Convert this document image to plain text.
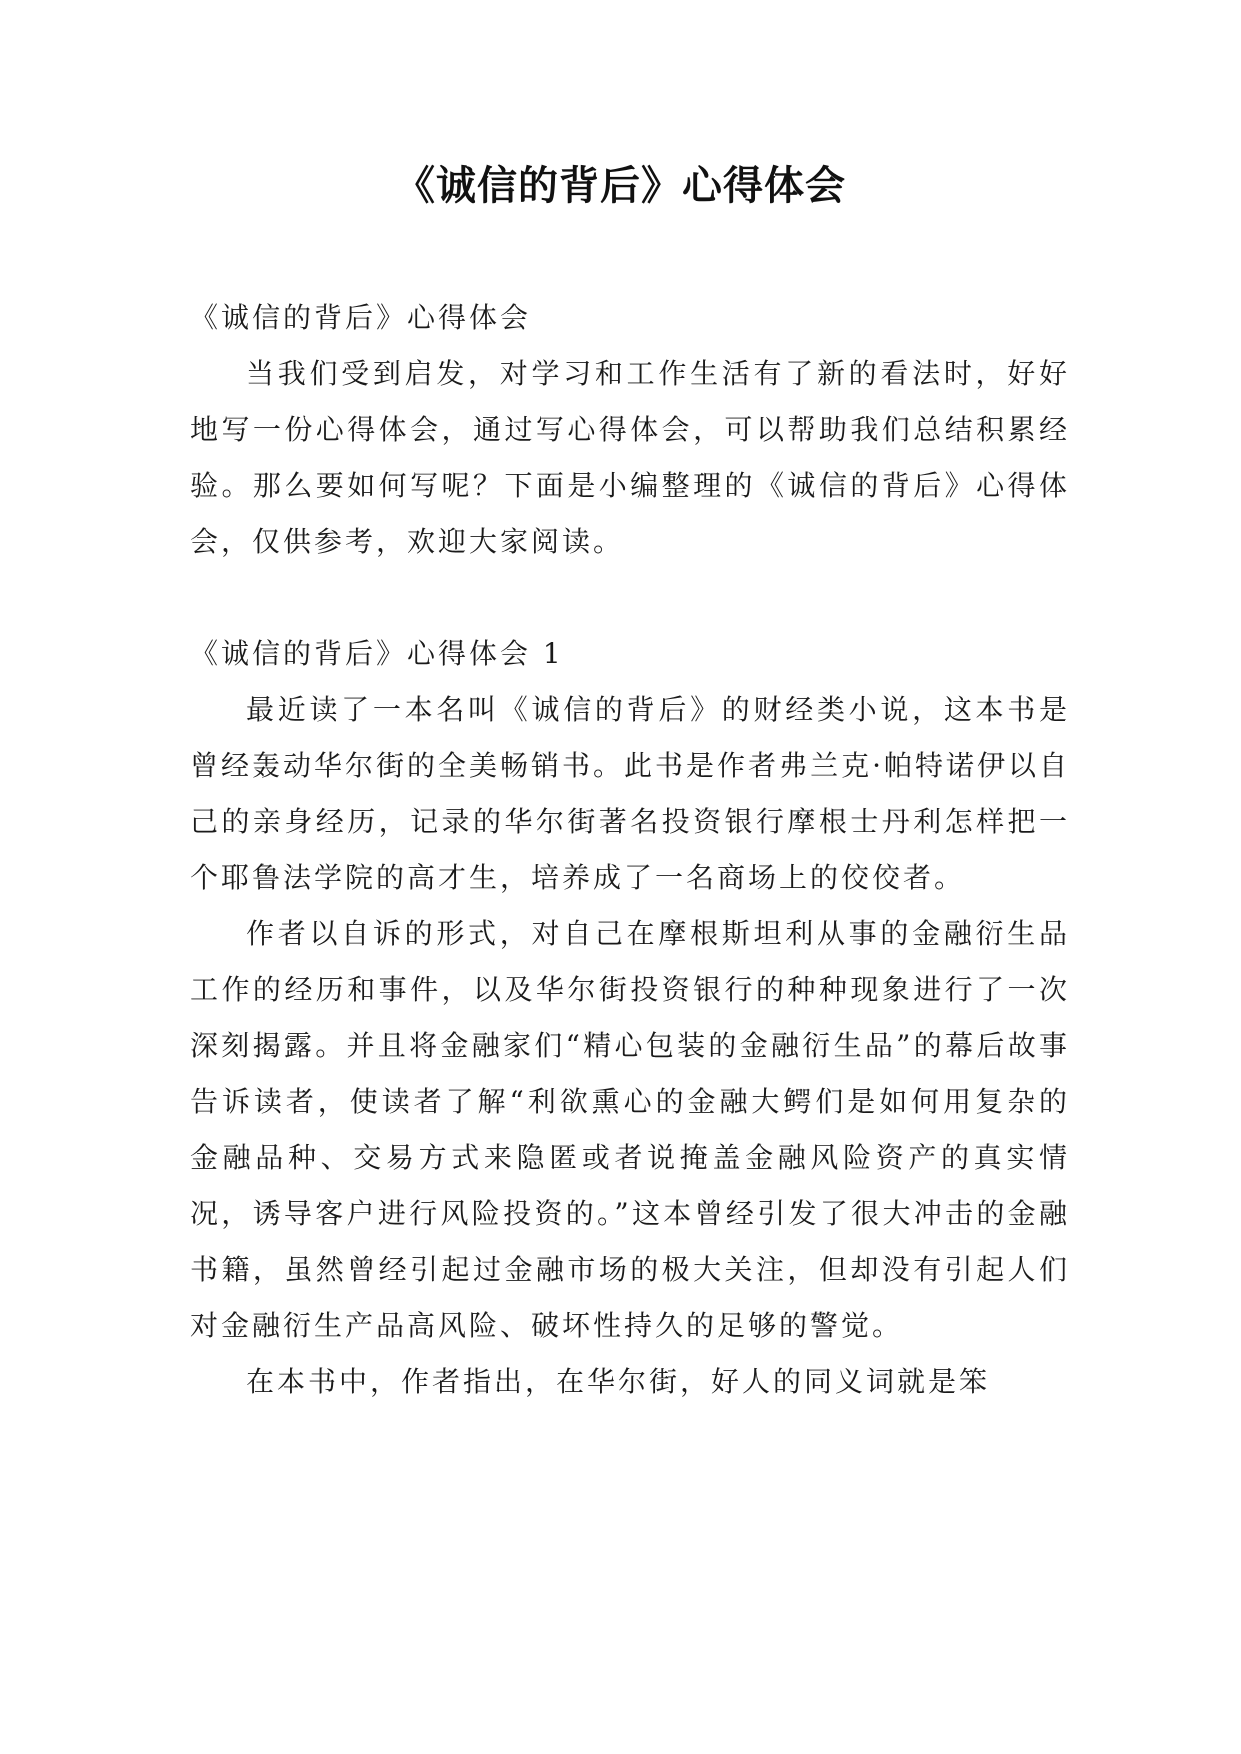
《诚信的背后》心得体会

《诚信的背后》心得体会

当我们受到启发，对学习和工作生活有了新的看法时，好好地写一份心得体会，通过写心得体会，可以帮助我们总结积累经验。那么要如何写呢？下面是小编整理的《诚信的背后》心得体会，仅供参考，欢迎大家阅读。

《诚信的背后》心得体会 1

最近读了一本名叫《诚信的背后》的财经类小说，这本书是曾经轰动华尔街的全美畅销书。此书是作者弗兰克·帕特诺伊以自己的亲身经历，记录的华尔街著名投资银行摩根士丹利怎样把一个耶鲁法学院的高才生，培养成了一名商场上的佼佼者。

作者以自诉的形式，对自己在摩根斯坦利从事的金融衍生品工作的经历和事件，以及华尔街投资银行的种种现象进行了一次深刻揭露。并且将金融家们“精心包装的金融衍生品”的幕后故事告诉读者，使读者了解“利欲熏心的金融大鳄们是如何用复杂的金融品种、交易方式来隐匿或者说掩盖金融风险资产的真实情况，诱导客户进行风险投资的。”这本曾经引发了很大冲击的金融书籍，虽然曾经引起过金融市场的极大关注，但却没有引起人们对金融衍生产品高风险、破坏性持久的足够的警觉。

在本书中，作者指出，在华尔街，好人的同义词就是笨
